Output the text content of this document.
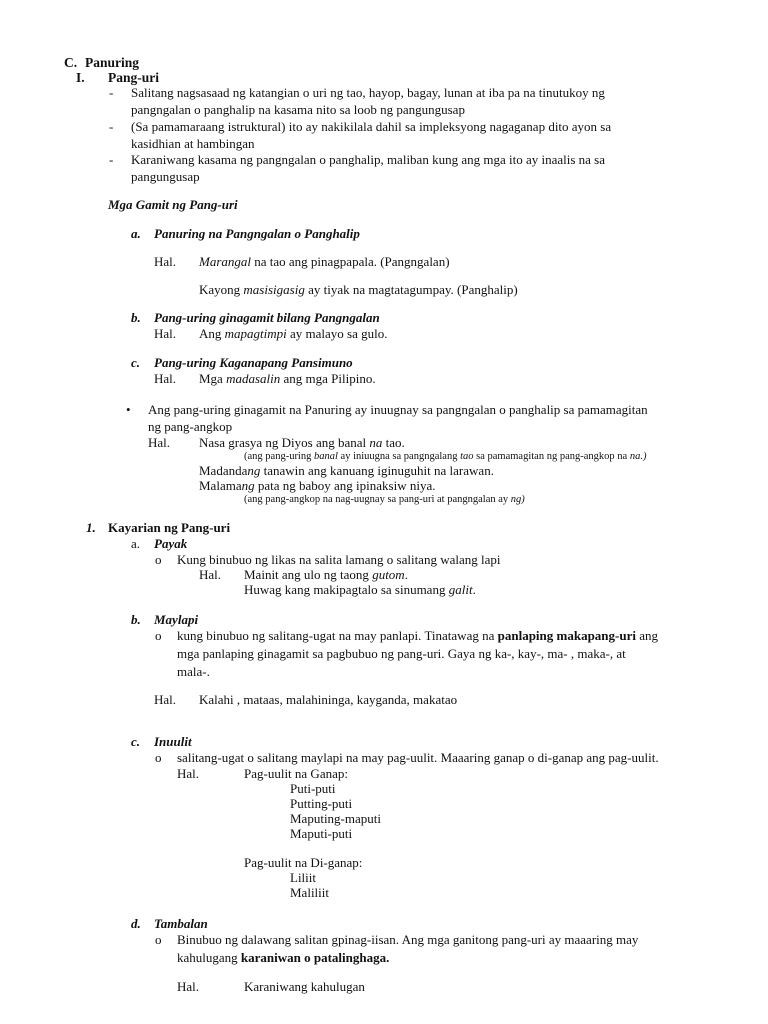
C. Panuring
I. Pang-uri
- Salitang nagsasaad ng katangian o uri ng tao, hayop, bagay, lunan at iba pa na tinutukoy ng
pangngalan o panghalip na kasama nito sa loob ng pangungusap
- (Sa pamamaraang istruktural) ito ay nakikilala dahil sa impleksyong nagaganap dito ayon sa
kasidhian at hambingan
- Karaniwang kasama ng pangngalan o panghalip, maliban kung ang mga ito ay inaalis na sa
pangungusap
Mga Gamit ng Pang-uri
a. Panuring na Pangngalan o Panghalip
Hal. Marangal na tao ang pinagpapala. (Pangngalan)
Kayong masisigasig ay tiyak na magtatagumpay. (Panghalip)
b. Pang-uring ginagamit bilang Pangngalan
Hal. Ang mapagtimpi ay malayo sa gulo.
c. Pang-uring Kaganapang Pansimuno
Hal. Mga madasalin ang mga Pilipino.
• Ang pang-uring ginagamit na Panuring ay inuugnay sa pangngalan o panghalip sa pamamagitan
ng pang-angkop
Hal. Nasa grasya ng Diyos ang banal na tao.
(ang pang-uring banal ay iniuugna sa pangngalang tao sa pamamagitan ng pang-angkop na na.)
Madandang tanawin ang kanuang iginuguhit na larawan.
Malamang pata ng baboy ang ipinaksiw niya.
(ang pang-angkop na nag-uugnay sa pang-uri at pangngalan ay ng)
1. Kayarian ng Pang-uri
a. Payak
o Kung binubuo ng likas na salita lamang o salitang walang lapi
Hal. Mainit ang ulo ng taong gutom.
Huwag kang makipagtalo sa sinumang galit.
b. Maylapi
o kung binubuo ng salitang-ugat na may panlapi. Tinatawag na panlaping makapang-uri ang
mga panlaping ginagamit sa pagbubuo ng pang-uri. Gaya ng ka-, kay-, ma- , maka-, at
mala-.
Hal. Kalahi , mataas, malahininga, kayganda, makatao
c. Inuulit
o salitang-ugat o salitang maylapi na may pag-uulit. Maaaring ganap o di-ganap ang pag-uulit.
Hal.	Pag-uulit na Ganap:
Puti-puti
Putting-puti
Maputing-maputi
Maputi-puti
Pag-uulit na Di-ganap:
Liliit
Maliliit
d. Tambalan
o Binubuo ng dalawang salitan gpinag-iisan. Ang mga ganitong pang-uri ay maaaring may
kahulugang karaniwan o patalinghaga.
Hal.	Karaniwang kahulugan
